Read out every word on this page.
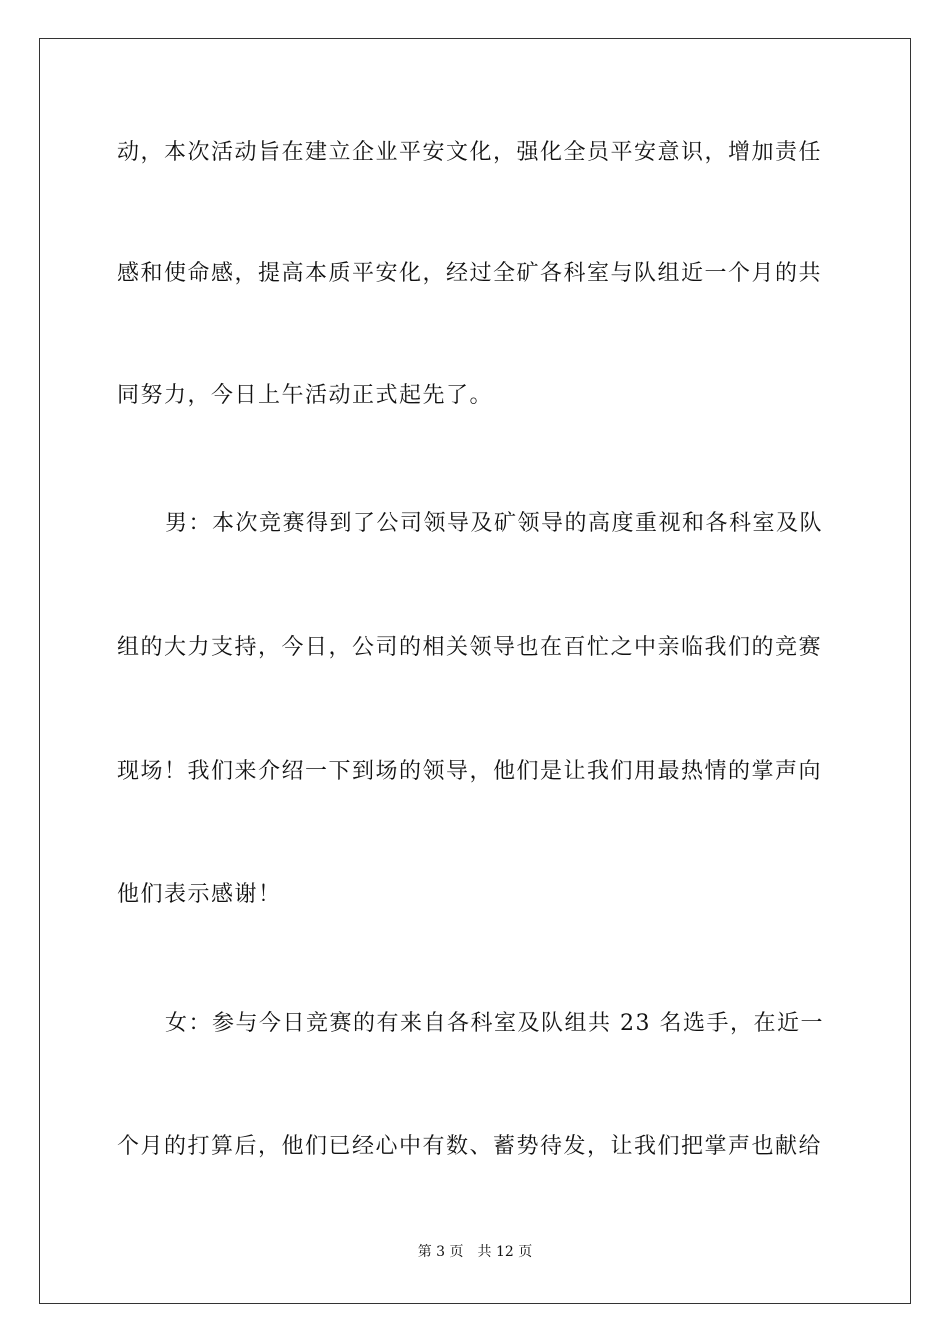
动，本次活动旨在建立企业平安文化，强化全员平安意识，增加责任
感和使命感，提高本质平安化，经过全矿各科室与队组近一个月的共
同努力，今日上午活动正式起先了。
男：本次竞赛得到了公司领导及矿领导的高度重视和各科室及队
组的大力支持，今日，公司的相关领导也在百忙之中亲临我们的竞赛
现场！我们来介绍一下到场的领导，他们是让我们用最热情的掌声向
他们表示感谢！
女：参与今日竞赛的有来自各科室及队组共 23 名选手，在近一
个月的打算后，他们已经心中有数、蓄势待发，让我们把掌声也献给
第 3 页 共 12 页
